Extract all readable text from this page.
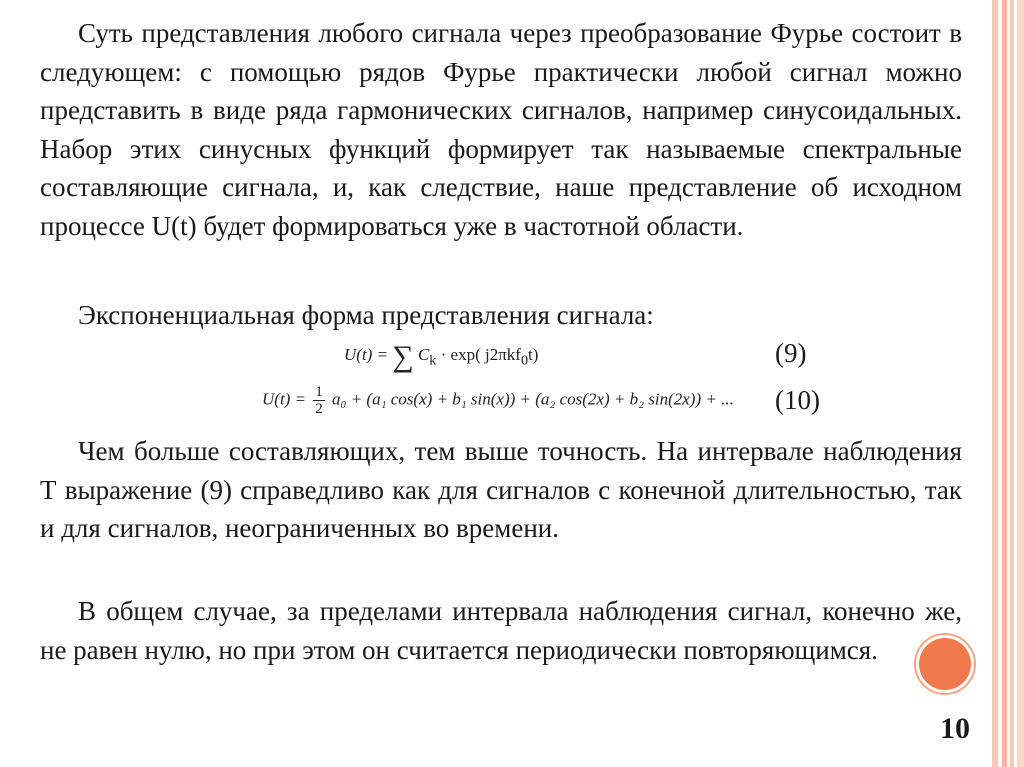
Суть представления любого сигнала через преобразование Фурье состоит в следующем: с помощью рядов Фурье практически любой сигнал можно представить в виде ряда гармонических сигналов, например синусоидальных. Набор этих синусных функций формирует так называемые спектральные составляющие сигнала, и, как следствие, наше представление об исходном процессе U(t) будет формироваться уже в частотной области.

Экспоненциальная форма представления сигнала:

Чем больше составляющих, тем выше точность. На интервале наблюдения Т выражение (9) справедливо как для сигналов с конечной длительностью, так и для сигналов, неограниченных во времени.

В общем случае, за пределами интервала наблюдения сигнал, конечно же, не равен нулю, но при этом он считается периодически повторяющимся.

U(t) = ∑ $C_k \cdot \exp$( j2πkf$_0$t)	(9)
$U(t) = \frac{1}{2} a_0 + (a_1$ cos(x) + b₁ sin(x)) + (a₂ cos(2x) + b₂ sin(2x)) + ... (10)
10
